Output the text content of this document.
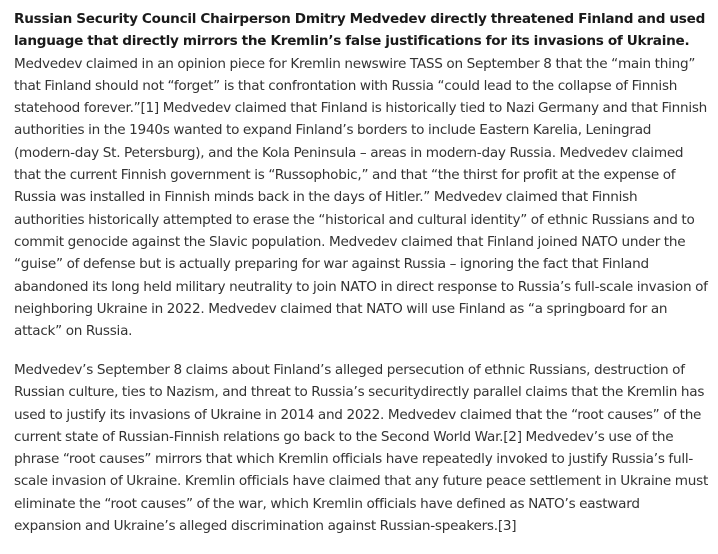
Russian Security Council Chairperson Dmitry Medvedev directly threatened Finland and used language that directly mirrors the Kremlin’s false justifications for its invasions of Ukraine. Medvedev claimed in an opinion piece for Kremlin newswire TASS on September 8 that the “main thing” that Finland should not “forget” is that confrontation with Russia “could lead to the collapse of Finnish statehood forever.”[1] Medvedev claimed that Finland is historically tied to Nazi Germany and that Finnish authorities in the 1940s wanted to expand Finland’s borders to include Eastern Karelia, Leningrad (modern-day St. Petersburg), and the Kola Peninsula – areas in modern-day Russia. Medvedev claimed that the current Finnish government is “Russophobic,” and that “the thirst for profit at the expense of Russia was installed in Finnish minds back in the days of Hitler.” Medvedev claimed that Finnish authorities historically attempted to erase the “historical and cultural identity” of ethnic Russians and to commit genocide against the Slavic population. Medvedev claimed that Finland joined NATO under the “guise” of defense but is actually preparing for war against Russia – ignoring the fact that Finland abandoned its long held military neutrality to join NATO in direct response to Russia’s full-scale invasion of neighboring Ukraine in 2022. Medvedev claimed that NATO will use Finland as “a springboard for an attack” on Russia.

Medvedev’s September 8 claims about Finland’s alleged persecution of ethnic Russians, destruction of Russian culture, ties to Nazism, and threat to Russia’s securitydirectly parallel claims that the Kremlin has used to justify its invasions of Ukraine in 2014 and 2022. Medvedev claimed that the “root causes” of the current state of Russian-Finnish relations go back to the Second World War.[2] Medvedev’s use of the phrase “root causes” mirrors that which Kremlin officials have repeatedly invoked to justify Russia’s full-scale invasion of Ukraine. Kremlin officials have claimed that any future peace settlement in Ukraine must eliminate the “root causes” of the war, which Kremlin officials have defined as NATO’s eastward expansion and Ukraine’s alleged discrimination against Russian-speakers.[3]
